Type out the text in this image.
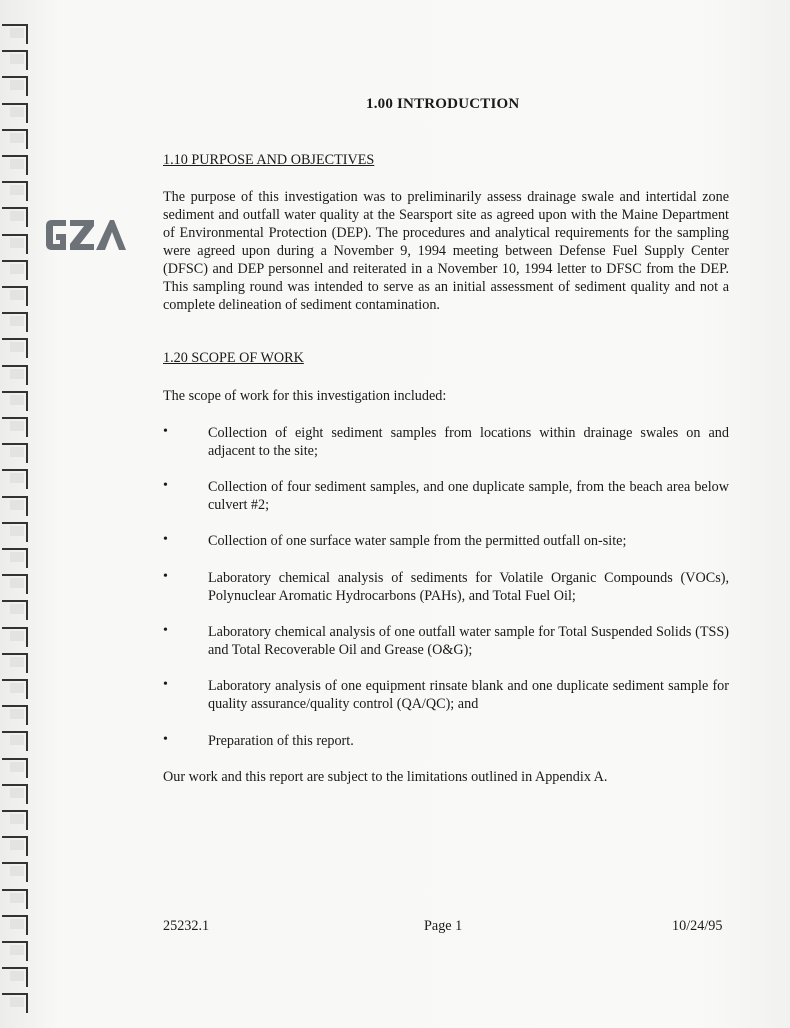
1.00 INTRODUCTION
1.10 PURPOSE AND OBJECTIVES
The purpose of this investigation was to preliminarily assess drainage swale and intertidal zone sediment and outfall water quality at the Searsport site as agreed upon with the Maine Department of Environmental Protection (DEP). The procedures and analytical requirements for the sampling were agreed upon during a November 9, 1994 meeting between Defense Fuel Supply Center (DFSC) and DEP personnel and reiterated in a November 10, 1994 letter to DFSC from the DEP. This sampling round was intended to serve as an initial assessment of sediment quality and not a complete delineation of sediment contamination.
1.20 SCOPE OF WORK
The scope of work for this investigation included:
•	Collection of eight sediment samples from locations within drainage swales on and adjacent to the site;
•	Collection of four sediment samples, and one duplicate sample, from the beach area below culvert #2;
•	Collection of one surface water sample from the permitted outfall on-site;
•	Laboratory chemical analysis of sediments for Volatile Organic Compounds (VOCs), Polynuclear Aromatic Hydrocarbons (PAHs), and Total Fuel Oil;
•	Laboratory chemical analysis of one outfall water sample for Total Suspended Solids (TSS) and Total Recoverable Oil and Grease (O&G);
•	Laboratory analysis of one equipment rinsate blank and one duplicate sediment sample for quality assurance/quality control (QA/QC); and
•	Preparation of this report.
Our work and this report are subject to the limitations outlined in Appendix A.
25232.1	Page 1	10/24/95
